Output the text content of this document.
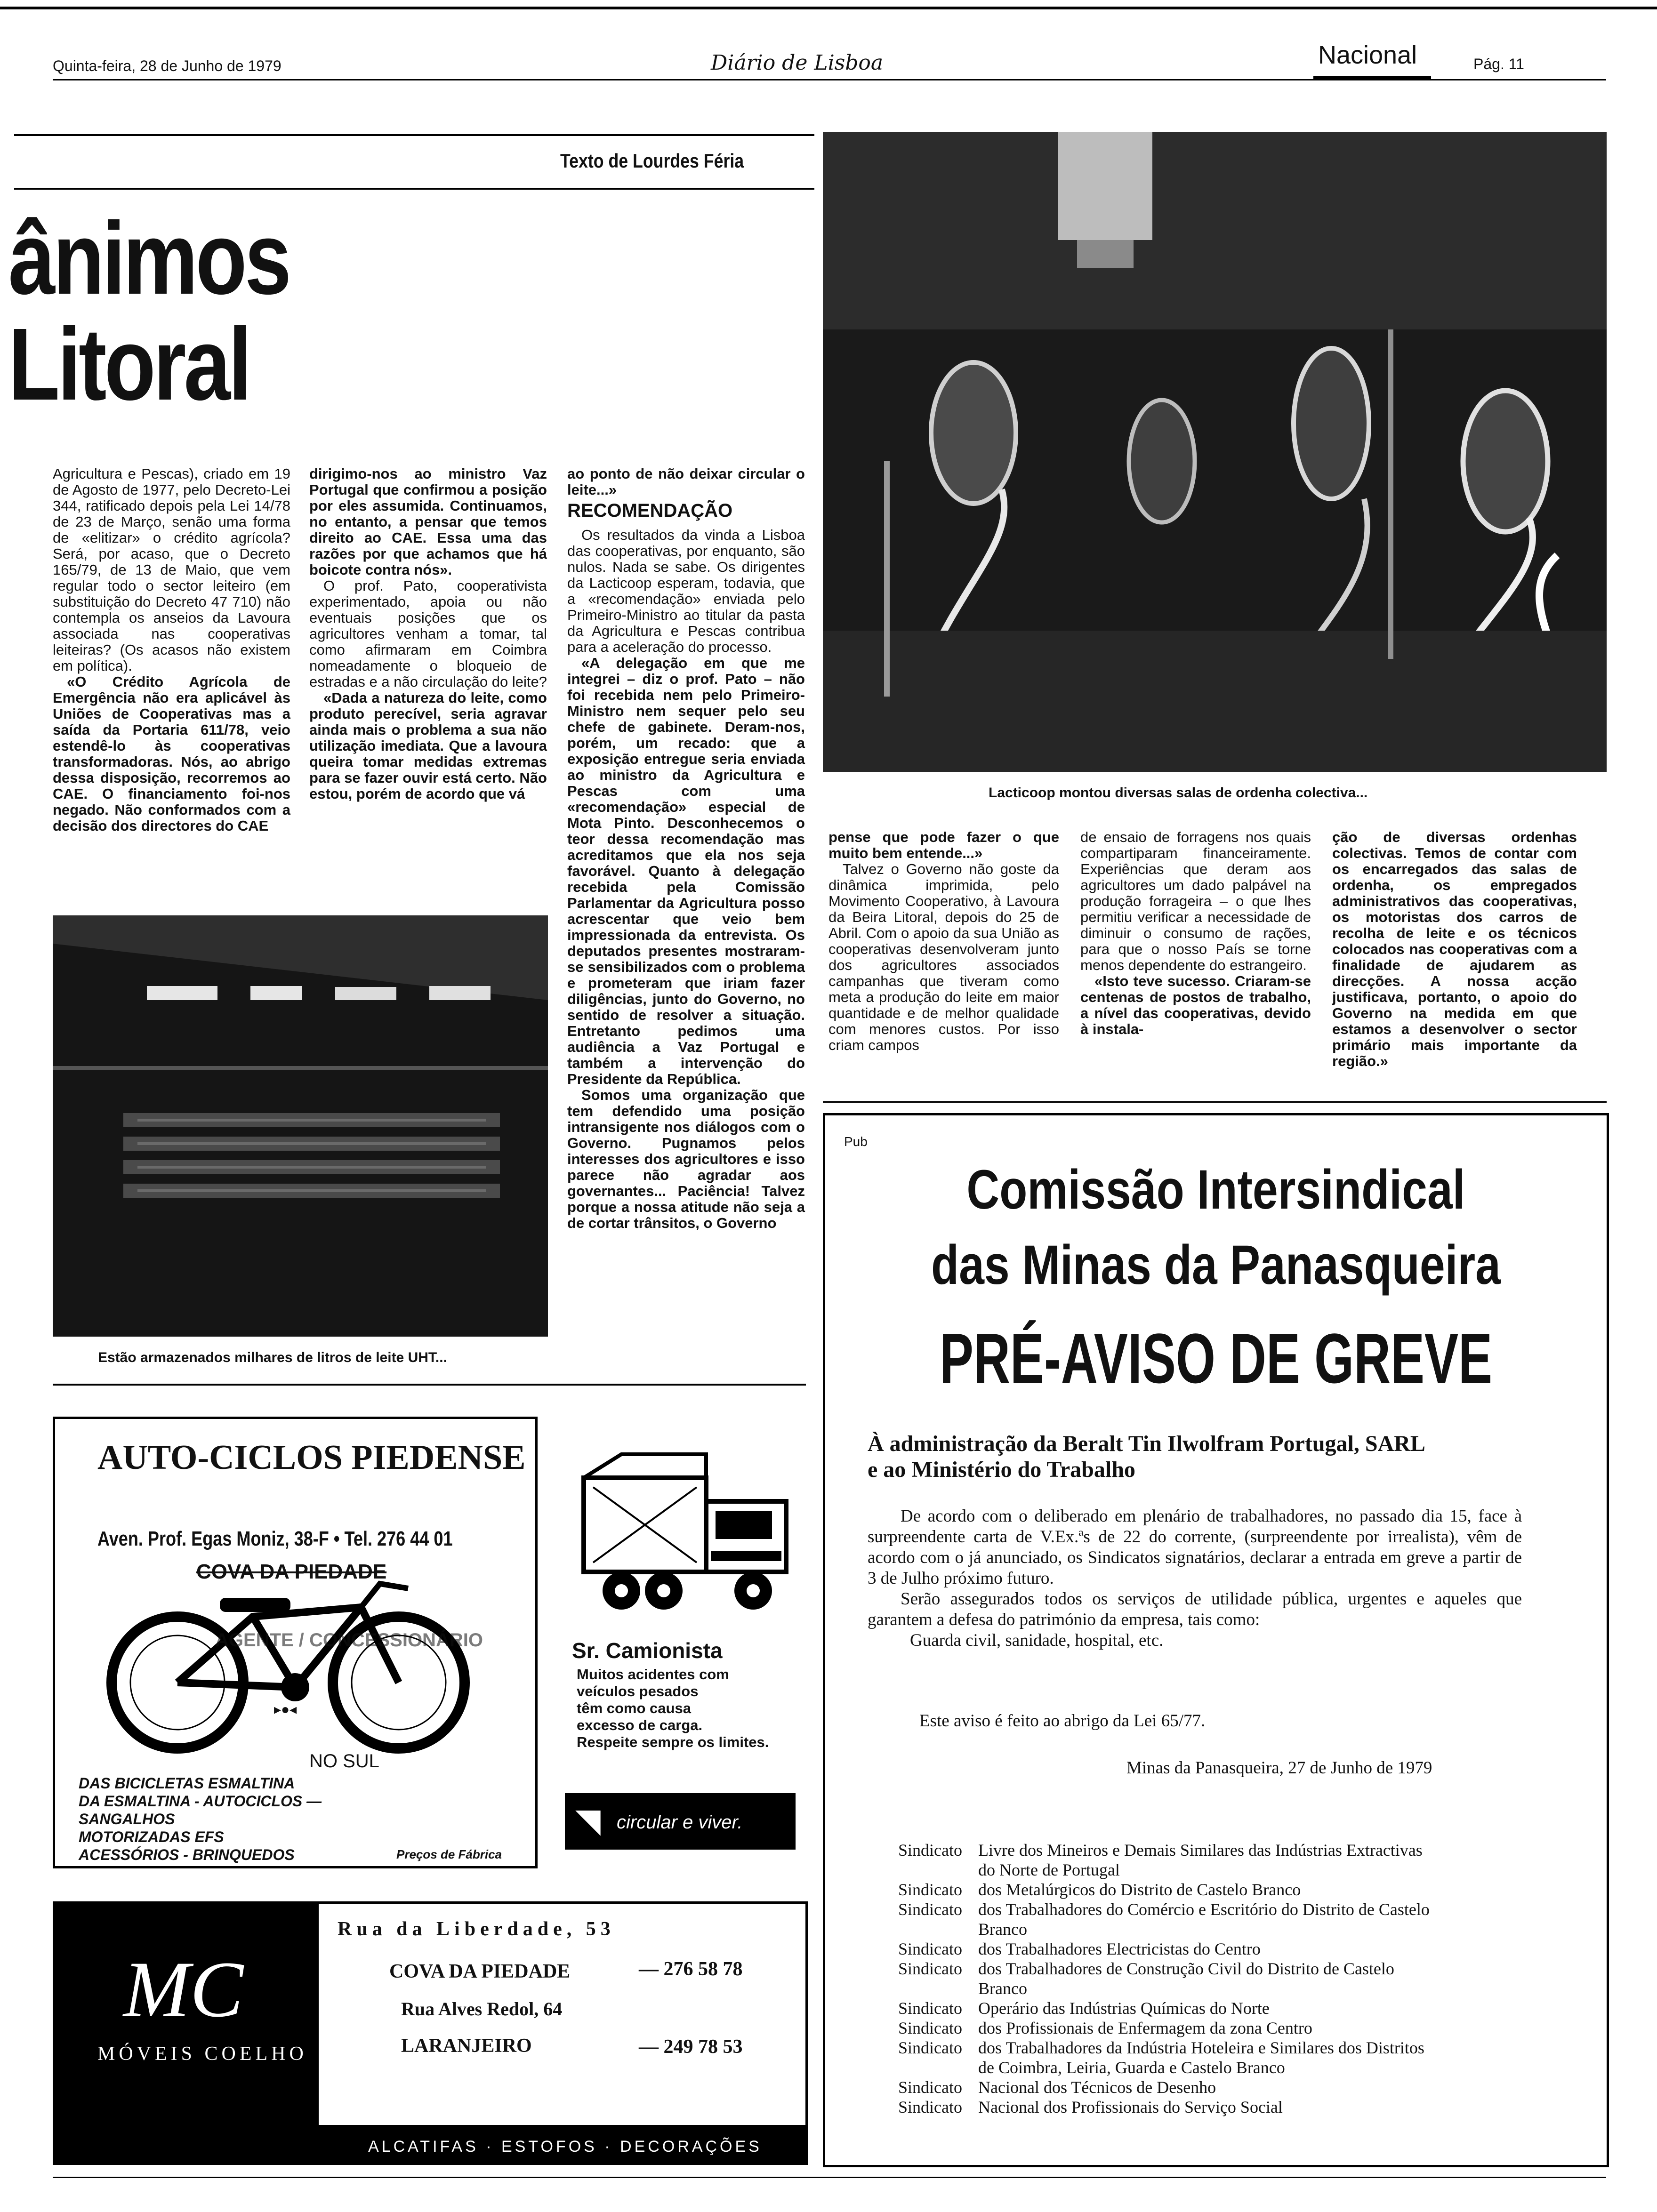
Quinta-feira, 28 de Junho de 1979	Diário de Lisboa	Nacional	Pág. 11
Texto de Lourdes Féria
ânimos
Litoral
Lacticoop montou diversas salas de ordenha colectiva...

Agricultura e Pescas), criado em 19 de Agosto de 1977, pelo Decreto-Lei 344, ratificado depois pela Lei 14/78 de 23 de Março, senão uma forma de «elitizar» o crédito agrícola? Será, por acaso, que o Decreto 165/79, de 13 de Maio, que vem regular todo o sector leiteiro (em substituição do Decreto 47 710) não contempla os anseios da Lavoura associada nas cooperativas leiteiras? (Os acasos não existem em política).

«O Crédito Agrícola de Emergência não era aplicável às Uniões de Cooperativas mas a saída da Portaria 611/78, veio estendê-lo às cooperativas transformadoras. Nós, ao abrigo dessa disposição, recorremos ao CAE. O financiamento foi-nos negado. Não conformados com a decisão dos directores do CAE

dirigimo-nos ao ministro Vaz Portugal que confirmou a posição por eles assumida. Continuamos, no entanto, a pensar que temos direito ao CAE. Essa uma das razões por que achamos que há boicote contra nós».

O prof. Pato, cooperativista experimentado, apoia ou não eventuais posições que os agricultores venham a tomar, tal como afirmaram em Coimbra nomeadamente o bloqueio de estradas e a não circulação do leite?

«Dada a natureza do leite, como produto perecível, seria agravar ainda mais o problema a sua não utilização imediata. Que a lavoura queira tomar medidas extremas para se fazer ouvir está certo. Não estou, porém de acordo que vá

ao ponto de não deixar circular o leite...»

RECOMENDAÇÃO

Os resultados da vinda a Lisboa das cooperativas, por enquanto, são nulos. Nada se sabe. Os dirigentes da Lacticoop esperam, todavia, que a «recomendação» enviada pelo Primeiro-Ministro ao titular da pasta da Agricultura e Pescas contribua para a aceleração do processo.

«A delegação em que me integrei – diz o prof. Pato – não foi recebida nem pelo Primeiro-Ministro nem sequer pelo seu chefe de gabinete. Deram-nos, porém, um recado: que a exposição entregue seria enviada ao ministro da Agricultura e Pescas com uma «recomendação» especial de Mota Pinto. Desconhecemos o teor dessa recomendação mas acreditamos que ela nos seja favorável. Quanto à delegação recebida pela Comissão Parlamentar da Agricultura posso acrescentar que veio bem impressionada da entrevista. Os deputados presentes mostraram-se sensibilizados com o problema e prometeram que iriam fazer diligências, junto do Governo, no sentido de resolver a situação. Entretanto pedimos uma audiência a Vaz Portugal e também a intervenção do Presidente da República.

Somos uma organização que tem defendido uma posição intransigente nos diálogos com o Governo. Pugnamos pelos interesses dos agricultores e isso parece não agradar aos governantes... Paciência! Talvez porque a nossa atitude não seja a de cortar trânsitos, o Governo

Estão armazenados milhares de litros de leite UHT...

pense que pode fazer o que muito bem entende...»

Talvez o Governo não goste da dinâmica imprimida, pelo Movimento Cooperativo, à Lavoura da Beira Litoral, depois do 25 de Abril. Com o apoio da sua União as cooperativas desenvolveram junto dos agricultores associados campanhas que tiveram como meta a produção do leite em maior quantidade e de melhor qualidade com menores custos. Por isso criam campos

de ensaio de forragens nos quais compartiparam financeiramente. Experiências que deram aos agricultores um dado palpável na produção forrageira – o que lhes permitiu verificar a necessidade de diminuir o consumo de rações, para que o nosso País se torne menos dependente do estrangeiro.

«Isto teve sucesso. Criaram-se centenas de postos de trabalho, a nível das cooperativas, devido à instala-

ção de diversas ordenhas colectivas. Temos de contar com os encarregados das salas de ordenha, os empregados administrativos das cooperativas, os motoristas dos carros de recolha de leite e os técnicos colocados nas cooperativas com a finalidade de ajudarem as direcções. A nossa acção justificava, portanto, o apoio do Governo na medida em que estamos a desenvolver o sector primário mais importante da região.»

AUTO-CICLOS PIEDENSE
Aven. Prof. Egas Moniz, 38-F • Tel. 276 44 01
COVA DA PIEDADE
AGENTE / CONCESSIONÁRIO
▸●◂
NO SUL
DAS BICICLETAS ESMALTINA
DA ESMALTINA - AUTOCICLOS —
SANGALHOS
MOTORIZADAS EFS
ACESSÓRIOS - BRINQUEDOS	Preços de Fábrica
Sr. Camionista
Muitos acidentes com
veículos pesados
têm como causa
excesso de carga.
Respeite sempre os limites.
◥ circular e viver.
MC
MÓVEIS COELHO
Rua da Liberdade, 53
COVA DA PIEDADE	— 276 58 78
Rua Alves Redol, 64
LARANJEIRO	— 249 78 53
ALCATIFAS · ESTOFOS · DECORAÇÕES
Pub
Comissão Intersindical
das Minas da Panasqueira
PRÉ-AVISO DE GREVE
À administração da Beralt Tin Ilwolfram Portugal, SARL
e ao Ministério do Trabalho
De acordo com o deliberado em plenário de trabalhadores, no passado dia 15, face à surpreendente carta de V.Ex.ªs de 22 do corrente, (surpreendente por irrealista), vêm de acordo com o já anunciado, os Sindicatos signatários, declarar a entrada em greve a partir de 3 de Julho próximo futuro.
Serão assegurados todos os serviços de utilidade pública, urgentes e aqueles que garantem a defesa do património da empresa, tais como:
Guarda civil, sanidade, hospital, etc.
Este aviso é feito ao abrigo da Lei 65/77.
Minas da Panasqueira, 27 de Junho de 1979
Sindicato Livre dos Mineiros e Demais Similares das Indústrias Extractivas
do Norte de Portugal
Sindicato dos Metalúrgicos do Distrito de Castelo Branco
Sindicato dos Trabalhadores do Comércio e Escritório do Distrito de Castelo
Branco
Sindicato dos Trabalhadores Electricistas do Centro
Sindicato dos Trabalhadores de Construção Civil do Distrito de Castelo
Branco
Sindicato Operário das Indústrias Químicas do Norte
Sindicato dos Profissionais de Enfermagem da zona Centro
Sindicato dos Trabalhadores da Indústria Hoteleira e Similares dos Distritos
de Coimbra, Leiria, Guarda e Castelo Branco
Sindicato Nacional dos Técnicos de Desenho
Sindicato Nacional dos Profissionais do Serviço Social
